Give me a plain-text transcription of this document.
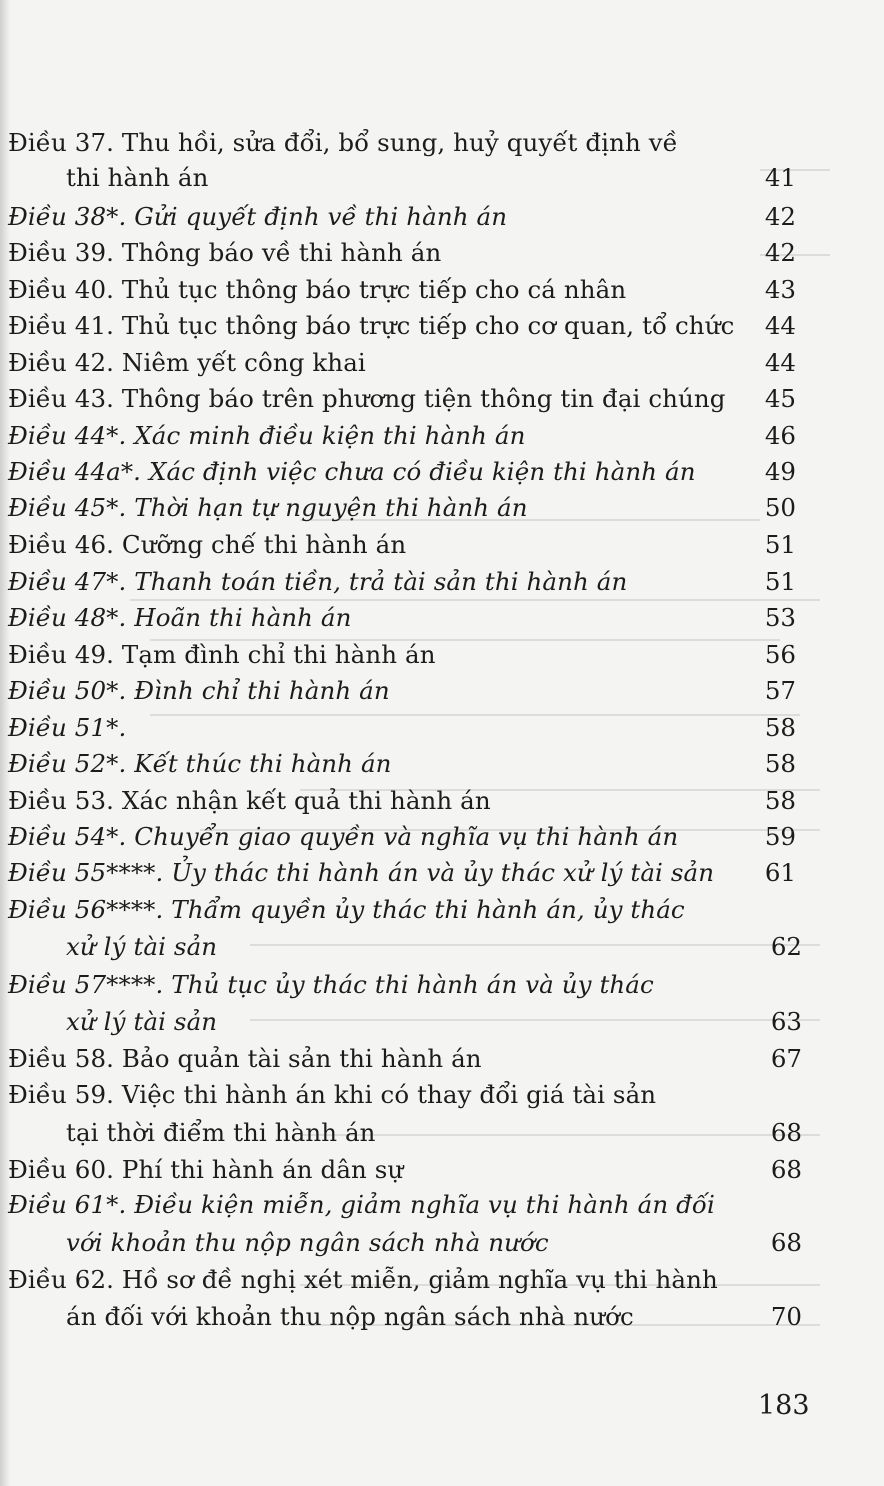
Điều 37. Thu hồi, sửa đổi, bổ sung, huỷ quyết định về
thi hành án	41
Điều 38*. Gửi quyết định về thi hành án	42
Điều 39. Thông báo về thi hành án	42
Điều 40. Thủ tục thông báo trực tiếp cho cá nhân	43
Điều 41. Thủ tục thông báo trực tiếp cho cơ quan, tổ chức 44
Điều 42. Niêm yết công khai	44
Điều 43. Thông báo trên phương tiện thông tin đại chúng 45
Điều 44*. Xác minh điều kiện thi hành án	46
Điều 44a*. Xác định việc chưa có điều kiện thi hành án	49
Điều 45*. Thời hạn tự nguyện thi hành án	50
Điều 46. Cưỡng chế thi hành án	51
Điều 47*. Thanh toán tiền, trả tài sản thi hành án	51
Điều 48*. Hoãn thi hành án	53
Điều 49. Tạm đình chỉ thi hành án	56
Điều 50*. Đình chỉ thi hành án	57
Điều 51*.	58
Điều 52*. Kết thúc thi hành án	58
Điều 53. Xác nhận kết quả thi hành án	58
Điều 54*. Chuyển giao quyền và nghĩa vụ thi hành án	59
Điều 55****. Ủy thác thi hành án và ủy thác xử lý tài sản 61
Điều 56****. Thẩm quyền ủy thác thi hành án, ủy thác
xử lý tài sản	62
Điều 57****. Thủ tục ủy thác thi hành án và ủy thác
xử lý tài sản	63
Điều 58. Bảo quản tài sản thi hành án	67
Điều 59. Việc thi hành án khi có thay đổi giá tài sản
tại thời điểm thi hành án	68
Điều 60. Phí thi hành án dân sự	68
Điều 61*. Điều kiện miễn, giảm nghĩa vụ thi hành án đối
với khoản thu nộp ngân sách nhà nước	68
Điều 62. Hồ sơ đề nghị xét miễn, giảm nghĩa vụ thi hành
án đối với khoản thu nộp ngân sách nhà nước	70
183
